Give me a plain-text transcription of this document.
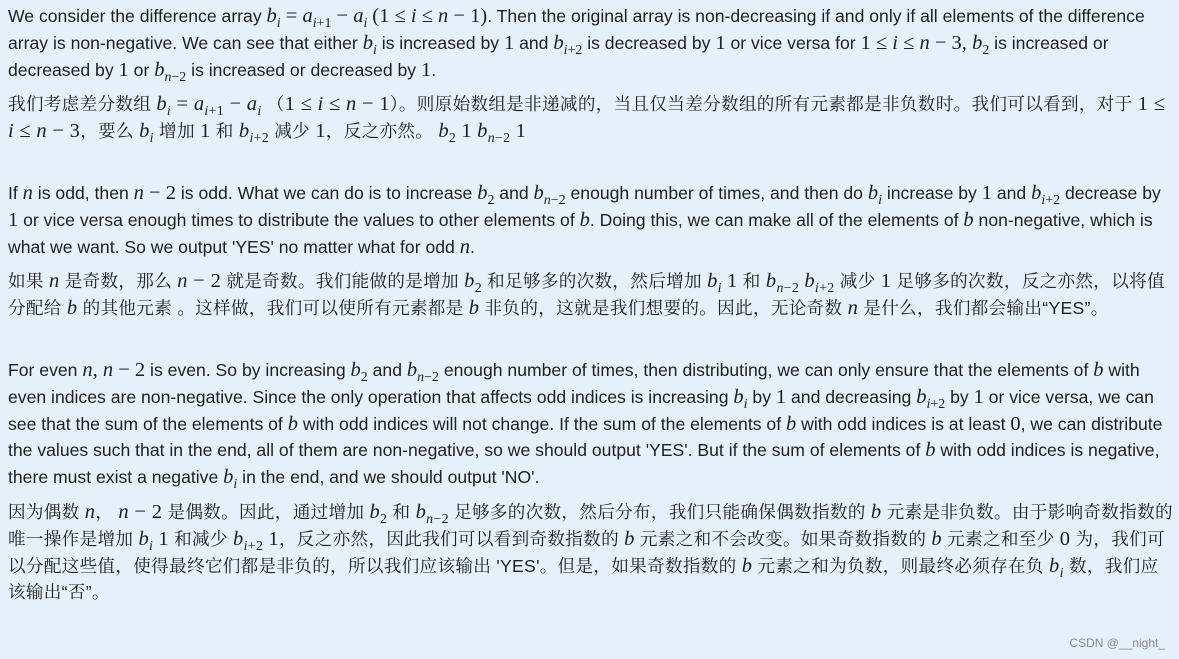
We consider the difference array $b_i = a_{i+1} - a_i$ (1 ≤ i ≤ n − 1). Then the original array is non-decreasing if and only if all elements of the difference array is non-negative. We can see that either $b_i$ is increased by 1 and $b_{i+2}$ is decreased by 1 or vice versa for 1 ≤ i ≤ n − 3, $b_2$ is increased or decreased by 1 or $b_{n-2}$ is increased or decreased by 1.

我们考虑差分数组 $b_i = a_{i+1} - a_i$ （1 ≤ i ≤ n − 1）。则原始数组是非递减的，当且仅当差分数组的所有元素都是非负数时。我们可以看到，对于 1 ≤ i ≤ n − 3，要么 $b_i$ 增加 1 和 $b_{i+2}$ 减少 1，反之亦然。 $b_2$ 1 $b_{n-2}$ 1

If n is odd, then n − 2 is odd. What we can do is to increase $b_2$ and $b_{n-2}$ enough number of times, and then do $b_i$ increase by 1 and $b_{i+2}$ decrease by 1 or vice versa enough times to distribute the values to other elements of b. Doing this, we can make all of the elements of b non-negative, which is what we want. So we output 'YES' no matter what for odd n.

如果 n 是奇数，那么 n − 2 就是奇数。我们能做的是增加 $b_2$ 和足够多的次数，然后增加 $b_i$ 1 和 $b_{n-2}$ $b_{i+2}$ 减少 1 足够多的次数，反之亦然，以将值分配给 b 的其他元素 。这样做，我们可以使所有元素都是 b 非负的，这就是我们想要的。因此，无论奇数 n 是什么，我们都会输出“YES”。

For even n, n − 2 is even. So by increasing $b_2$ and $b_{n-2}$ enough number of times, then distributing, we can only ensure that the elements of b with even indices are non-negative. Since the only operation that affects odd indices is increasing $b_i$ by 1 and decreasing $b_{i+2}$ by 1 or vice versa, we can see that the sum of the elements of b with odd indices will not change. If the sum of the elements of b with odd indices is at least 0, we can distribute the values such that in the end, all of them are non-negative, so we should output 'YES'. But if the sum of elements of b with odd indices is negative, there must exist a negative $b_i$ in the end, and we should output 'NO'.

因为偶数 n， n − 2 是偶数。因此，通过增加 $b_2$ 和 $b_{n-2}$ 足够多的次数，然后分布，我们只能确保偶数指数的 b 元素是非负数。由于影响奇数指数的唯一操作是增加 $b_i$ 1 和减少 $b_{i+2}$ 1，反之亦然，因此我们可以看到奇数指数的 b 元素之和不会改变。如果奇数指数的 b 元素之和至少 0 为，我们可以分配这些值，使得最终它们都是非负的，所以我们应该输出 'YES'。但是，如果奇数指数的 b 元素之和为负数，则最终必须存在负 $b_i$ 数，我们应该输出“否”。

CSDN @__night_
